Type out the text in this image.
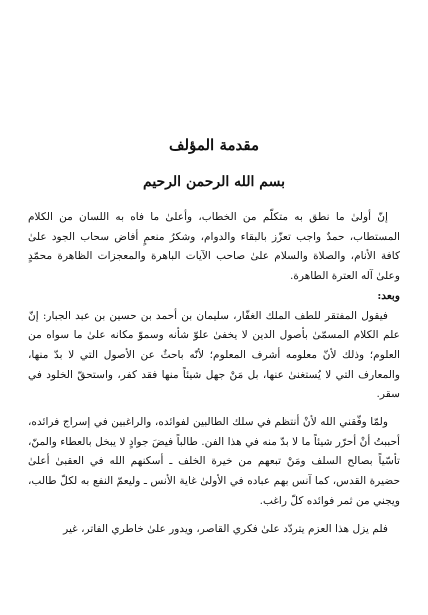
مقدمة المؤلف
بسم الله الرحمن الرحيم

إنّ أولىٰ ما نطق به متكلّم من الخطاب، وأعلىٰ ما فاه به اللسان من الكلام المستطاب، حمدٌ واجب تعزّز بالبقاء والدوام، وشكرُ منعمٍ أفاض سحاب الجود علىٰ كافة الأنام، والصلاة والسلام علىٰ صاحب الآيات الباهرة والمعجزات الظاهرة محمّدٍ وعلىٰ آله العترة الطاهرة.

وبعد:

فيقول المفتقر للطف الملك الغفّار، سليمان بن أحمد بن حسين بن عبد الجبار: إنّ علم الكلام المسمّىٰ بأصول الدين لا يخفىٰ علوّ شأنه وسموّ مكانه علىٰ ما سواه من العلوم؛ وذلك لأنّ معلومه أشرف المعلوم؛ لأنّه باحثٌ عن الأصول التي لا بدّ منها، والمعارف التي لا يُستغنىٰ عنها، بل مَنْ جهل شيئاً منها فقد كفر، واستحقّ الخلود في سقر.

ولمّا وفّقني الله لأنْ أنتظم في سلك الطالبين لفوائده، والراغبين في إسراج فرائده، أحببتُ أنْ أحرّر شيئاً ما لا بدّ منه في هذا الفن. طالباً فيضَ جوادٍ لا يبخل بالعطاء والمنّ، تأسّياً بصالح السلف ومَنْ تبعهم من خيرة الخلف ـ أسكنهم الله في العقبىٰ أعلىٰ حضيرة القدس، كما آنس بهم عباده في الأولىٰ غاية الأنس ـ وليعمّ النفع به لكلّ طالب، ويجني من ثمر فوائده كلّ راغب.

فلم يزل هذا العزم يتردّد علىٰ فكري القاصر، ويدور علىٰ خاطري الفاتر، غير
